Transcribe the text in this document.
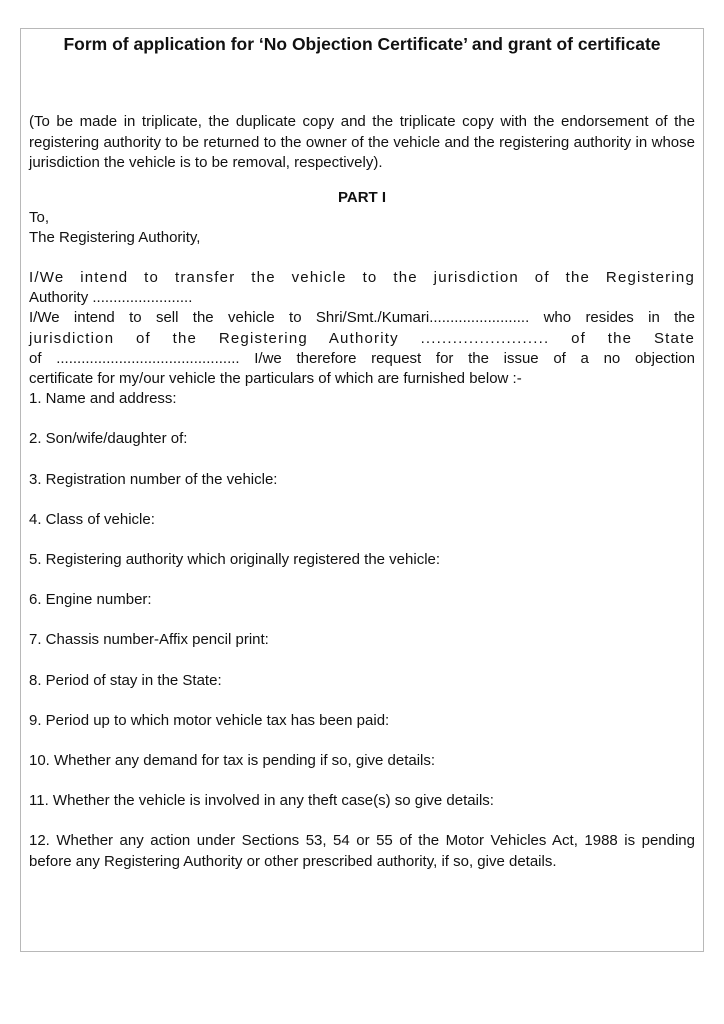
Form of application for ‘No Objection Certificate’ and grant of certificate

(To be made in triplicate, the duplicate copy and the triplicate copy with the endorsement of the registering authority to be returned to the owner of the vehicle and the registering authority in whose jurisdiction the vehicle is to be removal, respectively).

PART I

To,

The Registering Authority,

I/We intend to transfer the vehicle to the jurisdiction of the Registering

Authority ........................

I/We intend to sell the vehicle to Shri/Smt./Kumari........................ who resides in the

jurisdiction of the Registering Authority ........................ of the State

of ............................................ I/we therefore request for the issue of a no objection

certificate for my/our vehicle the particulars of which are furnished below :-

1. Name and address:

2. Son/wife/daughter of:

3. Registration number of the vehicle:

4. Class of vehicle:

5. Registering authority which originally registered the vehicle:

6. Engine number:

7. Chassis number-Affix pencil print:

8. Period of stay in the State:

9. Period up to which motor vehicle tax has been paid:

10. Whether any demand for tax is pending if so, give details:

11. Whether the vehicle is involved in any theft case(s) so give details:

12. Whether any action under Sections 53, 54 or 55 of the Motor Vehicles Act, 1988 is pending before any Registering Authority or other prescribed authority, if so, give details.
